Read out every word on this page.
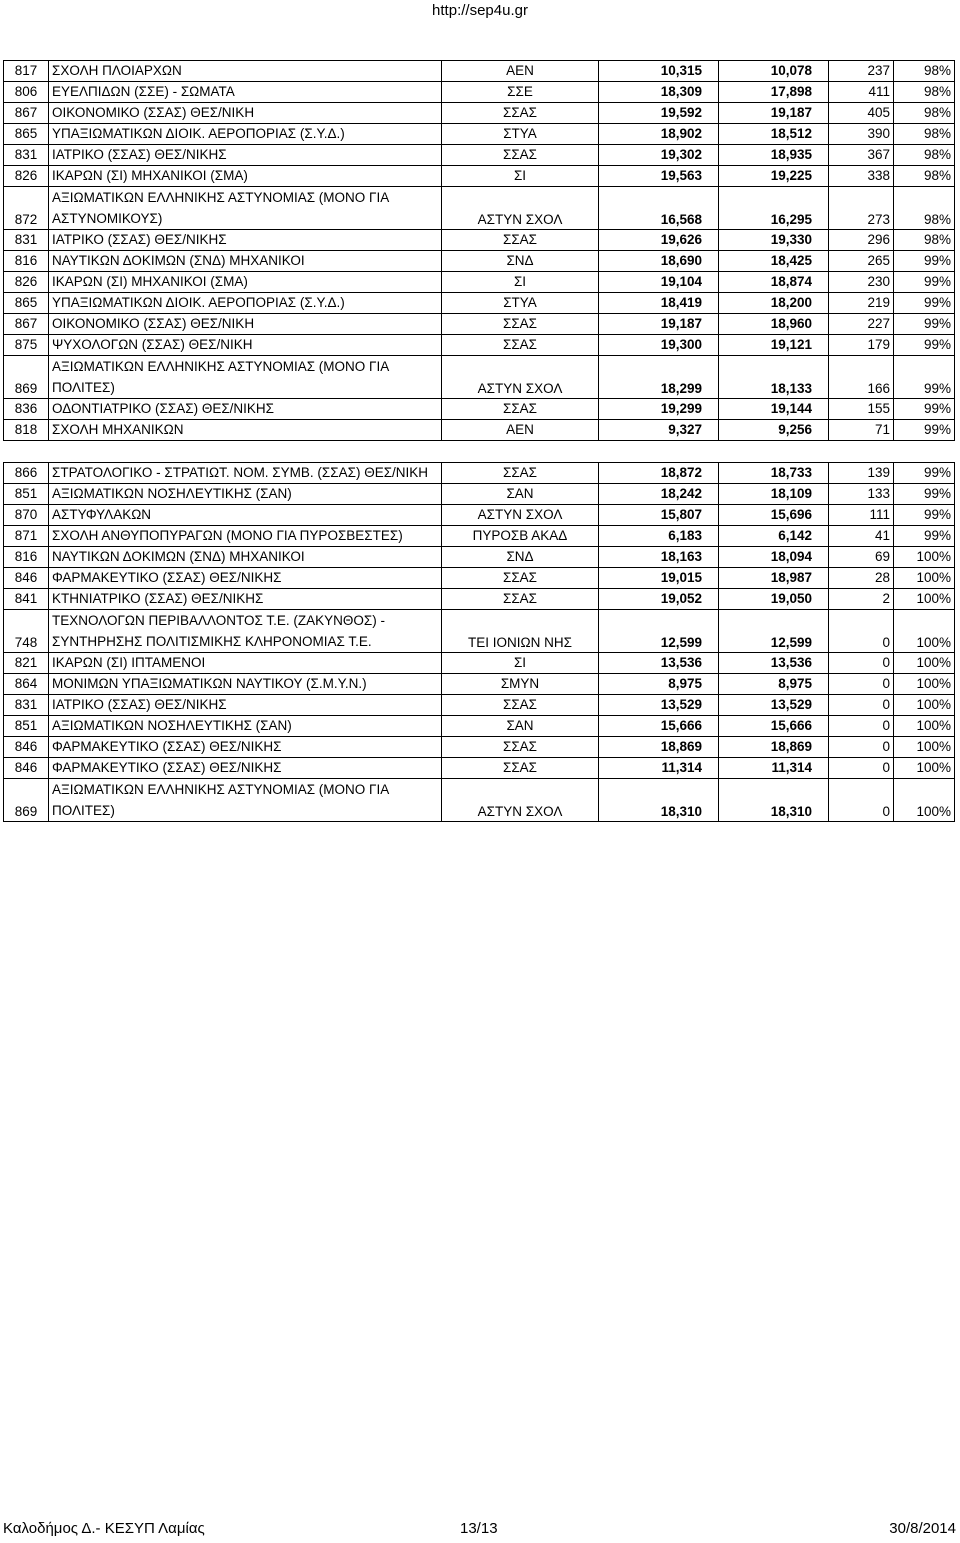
http://sep4u.gr
817	ΣΧΟΛΗ ΠΛΟΙΑΡΧΩΝ	ΑΕΝ	10,315	10,078	237	98%
806	ΕΥΕΛΠΙΔΩΝ (ΣΣΕ) - ΣΩΜΑΤΑ	ΣΣΕ	18,309	17,898	411	98%
867	ΟΙΚΟΝΟΜΙΚΟ (ΣΣΑΣ) ΘΕΣ/ΝΙΚΗ	ΣΣΑΣ	19,592	19,187	405	98%
865	ΥΠΑΞΙΩΜΑΤΙΚΩΝ ΔΙΟΙΚ. ΑΕΡΟΠΟΡΙΑΣ (Σ.Υ.Δ.)	ΣΤΥΑ	18,902	18,512	390	98%
831	ΙΑΤΡΙΚΟ (ΣΣΑΣ) ΘΕΣ/ΝΙΚΗΣ	ΣΣΑΣ	19,302	18,935	367	98%
826	ΙΚΑΡΩΝ (ΣΙ) ΜΗΧΑΝΙΚΟΙ (ΣΜΑ)	ΣΙ	19,563	19,225	338	98%
872	ΑΞΙΩΜΑΤΙΚΩΝ ΕΛΛΗΝΙΚΗΣ ΑΣΤΥΝΟΜΙΑΣ (ΜΟΝΟ ΓΙΑ ΑΣΤΥΝΟΜΙΚΟΥΣ)	ΑΣΤΥΝ ΣΧΟΛ	16,568	16,295	273	98%
831	ΙΑΤΡΙΚΟ (ΣΣΑΣ) ΘΕΣ/ΝΙΚΗΣ	ΣΣΑΣ	19,626	19,330	296	98%
816	ΝΑΥΤΙΚΩΝ ΔΟΚΙΜΩΝ (ΣΝΔ) ΜΗΧΑΝΙΚΟΙ	ΣΝΔ	18,690	18,425	265	99%
826	ΙΚΑΡΩΝ (ΣΙ) ΜΗΧΑΝΙΚΟΙ (ΣΜΑ)	ΣΙ	19,104	18,874	230	99%
865	ΥΠΑΞΙΩΜΑΤΙΚΩΝ ΔΙΟΙΚ. ΑΕΡΟΠΟΡΙΑΣ (Σ.Υ.Δ.)	ΣΤΥΑ	18,419	18,200	219	99%
867	ΟΙΚΟΝΟΜΙΚΟ (ΣΣΑΣ) ΘΕΣ/ΝΙΚΗ	ΣΣΑΣ	19,187	18,960	227	99%
875	ΨΥΧΟΛΟΓΩΝ (ΣΣΑΣ) ΘΕΣ/ΝΙΚΗ	ΣΣΑΣ	19,300	19,121	179	99%
869	ΑΞΙΩΜΑΤΙΚΩΝ ΕΛΛΗΝΙΚΗΣ ΑΣΤΥΝΟΜΙΑΣ (ΜΟΝΟ ΓΙΑ ΠΟΛΙΤΕΣ)	ΑΣΤΥΝ ΣΧΟΛ	18,299	18,133	166	99%
836	ΟΔΟΝΤΙΑΤΡΙΚΟ (ΣΣΑΣ) ΘΕΣ/ΝΙΚΗΣ	ΣΣΑΣ	19,299	19,144	155	99%
818	ΣΧΟΛΗ ΜΗΧΑΝΙΚΩΝ	ΑΕΝ	9,327	9,256	71	99%

866	ΣΤΡΑΤΟΛΟΓΙΚΟ - ΣΤΡΑΤΙΩΤ. ΝΟΜ. ΣΥΜΒ. (ΣΣΑΣ) ΘΕΣ/ΝΙΚΗ	ΣΣΑΣ	18,872	18,733	139	99%
851	ΑΞΙΩΜΑΤΙΚΩΝ ΝΟΣΗΛΕΥΤΙΚΗΣ (ΣΑΝ)	ΣΑΝ	18,242	18,109	133	99%
870	ΑΣΤΥΦΥΛΑΚΩΝ	ΑΣΤΥΝ ΣΧΟΛ	15,807	15,696	111	99%
871	ΣΧΟΛΗ ΑΝΘΥΠΟΠΥΡΑΓΩΝ (ΜΟΝΟ ΓΙΑ ΠΥΡΟΣΒΕΣΤΕΣ)	ΠΥΡΟΣΒ ΑΚΑΔ	6,183	6,142	41	99%
816	ΝΑΥΤΙΚΩΝ ΔΟΚΙΜΩΝ (ΣΝΔ) ΜΗΧΑΝΙΚΟΙ	ΣΝΔ	18,163	18,094	69	100%
846	ΦΑΡΜΑΚΕΥΤΙΚΟ (ΣΣΑΣ) ΘΕΣ/ΝΙΚΗΣ	ΣΣΑΣ	19,015	18,987	28	100%
841	ΚΤΗΝΙΑΤΡΙΚΟ (ΣΣΑΣ) ΘΕΣ/ΝΙΚΗΣ	ΣΣΑΣ	19,052	19,050	2	100%
748	ΤΕΧΝΟΛΟΓΩΝ ΠΕΡΙΒΑΛΛΟΝΤΟΣ Τ.Ε. (ΖΑΚΥΝΘΟΣ) - ΣΥΝΤΗΡΗΣΗΣ ΠΟΛΙΤΙΣΜΙΚΗΣ ΚΛΗΡΟΝΟΜΙΑΣ Τ.Ε.	ΤΕΙ ΙΟΝΙΩΝ ΝΗΣ	12,599	12,599	0	100%
821	ΙΚΑΡΩΝ (ΣΙ) ΙΠΤΑΜΕΝΟΙ	ΣΙ	13,536	13,536	0	100%
864	ΜΟΝΙΜΩΝ ΥΠΑΞΙΩΜΑΤΙΚΩΝ ΝΑΥΤΙΚΟΥ (Σ.Μ.Υ.Ν.)	ΣΜΥΝ	8,975	8,975	0	100%
831	ΙΑΤΡΙΚΟ (ΣΣΑΣ) ΘΕΣ/ΝΙΚΗΣ	ΣΣΑΣ	13,529	13,529	0	100%
851	ΑΞΙΩΜΑΤΙΚΩΝ ΝΟΣΗΛΕΥΤΙΚΗΣ (ΣΑΝ)	ΣΑΝ	15,666	15,666	0	100%
846	ΦΑΡΜΑΚΕΥΤΙΚΟ (ΣΣΑΣ) ΘΕΣ/ΝΙΚΗΣ	ΣΣΑΣ	18,869	18,869	0	100%
846	ΦΑΡΜΑΚΕΥΤΙΚΟ (ΣΣΑΣ) ΘΕΣ/ΝΙΚΗΣ	ΣΣΑΣ	11,314	11,314	0	100%
869	ΑΞΙΩΜΑΤΙΚΩΝ ΕΛΛΗΝΙΚΗΣ ΑΣΤΥΝΟΜΙΑΣ (ΜΟΝΟ ΓΙΑ ΠΟΛΙΤΕΣ)	ΑΣΤΥΝ ΣΧΟΛ	18,310	18,310	0	100%
Καλοδήμος Δ.- ΚΕΣΥΠ Λαμίας	13/13	30/8/2014
